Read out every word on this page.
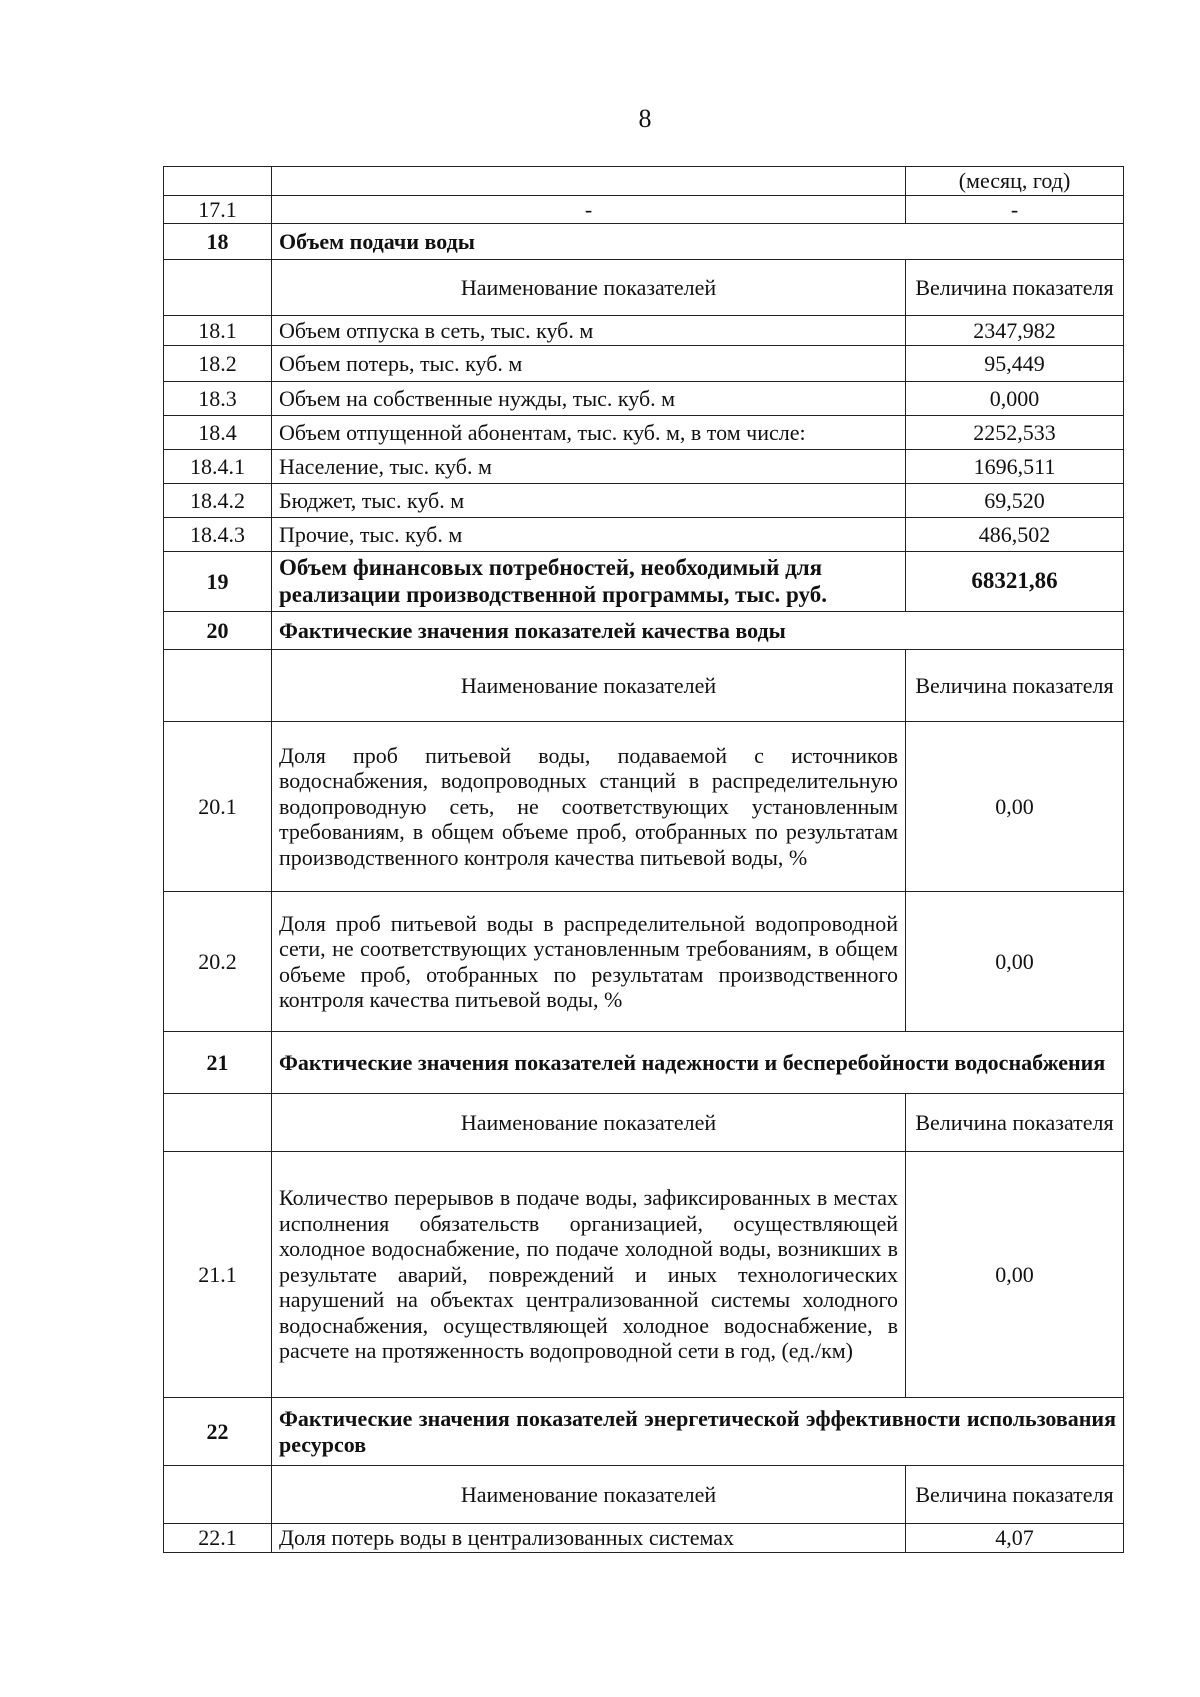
8
		(месяц, год)
17.1	-	-
18	Объем подачи воды	
	Наименование показателей	Величина показателя
18.1	Объем отпуска в сеть, тыс. куб. м	2347,982
18.2	Объем потерь, тыс. куб. м	95,449
18.3	Объем на собственные нужды, тыс. куб. м	0,000
18.4	Объем отпущенной абонентам, тыс. куб. м, в том числе:	2252,533
18.4.1	Население, тыс. куб. м	1696,511
18.4.2	Бюджет, тыс. куб. м	69,520
18.4.3	Прочие, тыс. куб. м	486,502
19	Объем финансовых потребностей, необходимый для реализации производственной программы, тыс. руб.	68321,86
20	Фактические значения показателей качества воды	
	Наименование показателей	Величина показателя
20.1	Доля проб питьевой воды, подаваемой с источников водоснабжения, водопроводных станций в распределительную водопроводную сеть, не соответствующих установленным требованиям, в общем объеме проб, отобранных по результатам производственного контроля качества питьевой воды, %	0,00
20.2	Доля проб питьевой воды в распределительной водопроводной сети, не соответствующих установленным требованиям, в общем объеме проб, отобранных по результатам производственного контроля качества питьевой воды, %	0,00
21	Фактические значения показателей надежности и бесперебойности водоснабжения	
	Наименование показателей	Величина показателя
21.1	Количество перерывов в подаче воды, зафиксированных в местах исполнения обязательств организацией, осуществляющей холодное водоснабжение, по подаче холодной воды, возникших в результате аварий, повреждений и иных технологических нарушений на объектах централизованной системы холодного водоснабжения, осуществляющей холодное водоснабжение, в расчете на протяженность водопроводной сети в год, (ед./км)	0,00
22	Фактические значения показателей энергетической эффективности использования ресурсов	
	Наименование показателей	Величина показателя
22.1	Доля потерь воды в централизованных системах	4,07
